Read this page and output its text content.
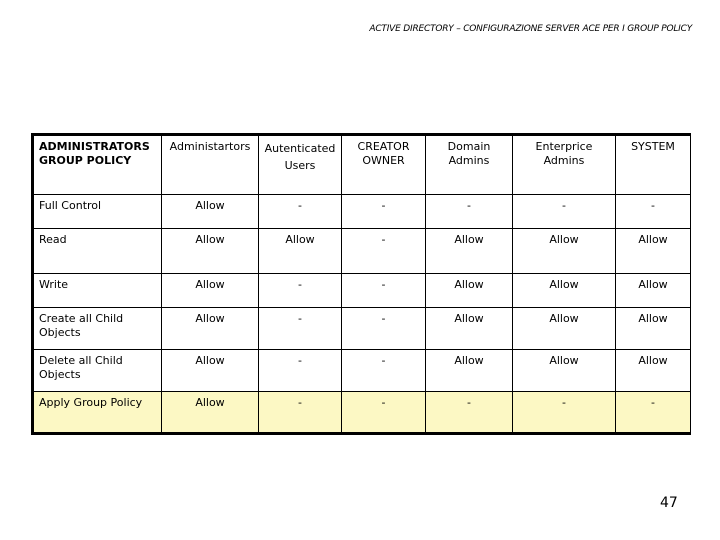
ACTIVE DIRECTORY – CONFIGURAZIONE SERVER ACE PER I GROUP POLICY
ADMINISTRATORS GROUP POLICY	Administartors	Autenticated Users	CREATOR OWNER	Domain Admins	Enterprice Admins	SYSTEM
Full Control	Allow	-	-	-	-	-
Read	Allow	Allow	-	Allow	Allow	Allow
Write	Allow	-	-	Allow	Allow	Allow
Create all Child Objects	Allow	-	-	Allow	Allow	Allow
Delete all Child Objects	Allow	-	-	Allow	Allow	Allow
Apply Group Policy	Allow	-	-	-	-	-
47
